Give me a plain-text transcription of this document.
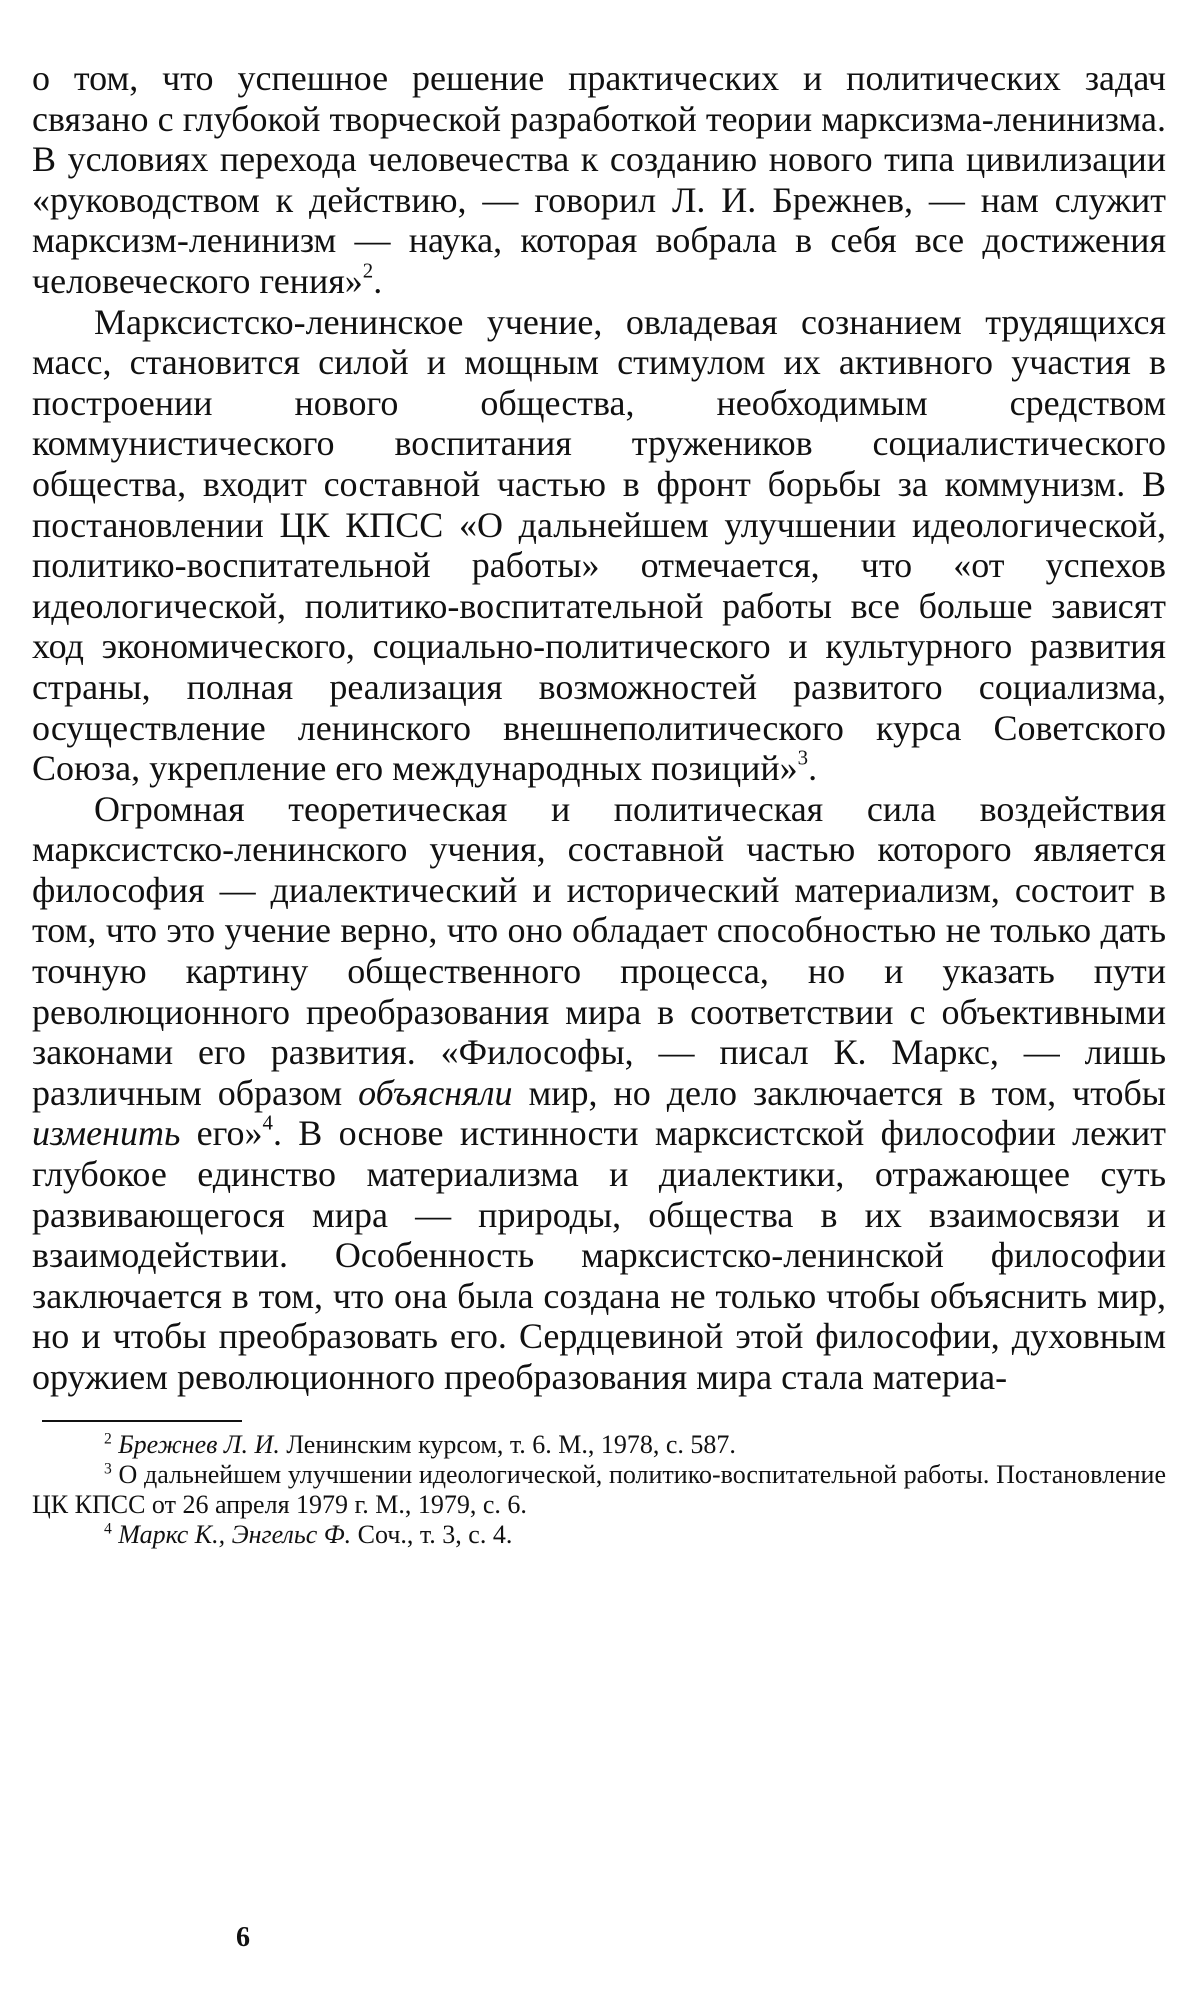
о том, что успешное решение практических и политических задач связано с глубокой творческой разработкой теории марксизма-ленинизма. В условиях перехода человечества к созданию нового типа цивилизации «руководством к действию, — говорил Л. И. Брежнев, — нам служит марксизм-ленинизм — наука, которая вобрала в себя все достижения человеческого гения»$^2$.

Марксистско-ленинское учение, овладевая сознанием трудящихся масс, становится силой и мощным стимулом их активного участия в построении нового общества, необходимым средством коммунистического воспитания тружеников социалистического общества, входит составной частью в фронт борьбы за коммунизм. В постановлении ЦК КПСС «О дальнейшем улучшении идеологической, политико-воспитательной работы» отмечается, что «от успехов идеологической, политико-воспитательной работы все больше зависят ход экономического, социально-политического и культурного развития страны, полная реализация возможностей развитого социализма, осуществление ленинского внешнеполитического курса Советского Союза, укрепление его международных позиций»$^3$.

Огромная теоретическая и политическая сила воздействия марксистско-ленинского учения, составной частью которого является философия — диалектический и исторический материализм, состоит в том, что это учение верно, что оно обладает способностью не только дать точную картину общественного процесса, но и указать пути революционного преобразования мира в соответствии с объективными законами его развития. «Философы, — писал К. Маркс, — лишь различным образом объясняли мир, но дело заключается в том, чтобы изменить его»$^4$. В основе истинности марксистской философии лежит глубокое единство материализма и диалектики, отражающее суть развивающегося мира — природы, общества в их взаимосвязи и взаимодействии. Особенность марксистско-ленинской философии заключается в том, что она была создана не только чтобы объяснить мир, но и чтобы преобразовать его. Сердцевиной этой философии, духовным оружием революционного преобразования мира стала материа-

$^2$ Брежнев Л. И. Ленинским курсом, т. 6. М., 1978, с. 587.

$^3$ О дальнейшем улучшении идеологической, политико-воспитательной работы. Постановление ЦК КПСС от 26 апреля 1979 г. М., 1979, с. 6.

$^4$ Маркс К., Энгельс Ф. Соч., т. 3, с. 4.

6
